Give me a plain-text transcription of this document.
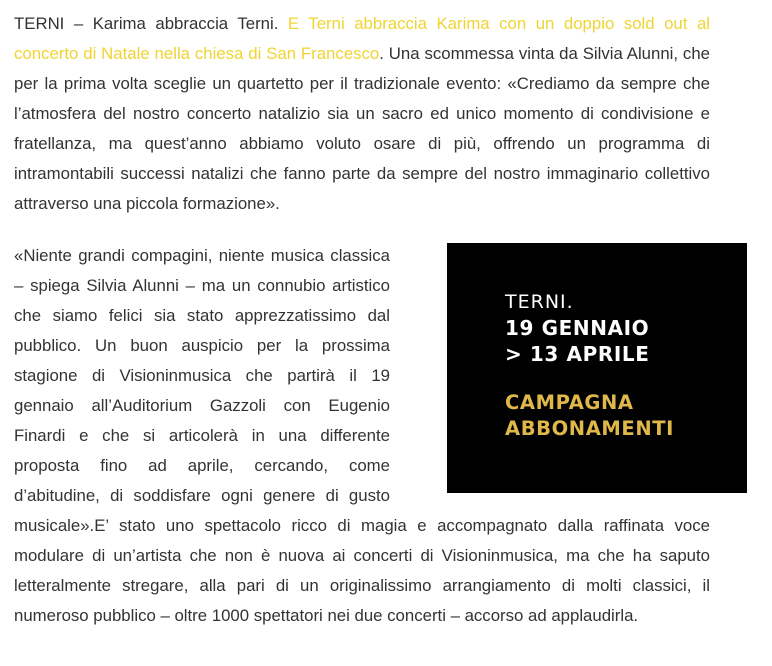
TERNI – Karima abbraccia Terni. E Terni abbraccia Karima con un doppio sold out al concerto di Natale nella chiesa di San Francesco. Una scommessa vinta da Silvia Alunni, che per la prima volta sceglie un quartetto per il tradizionale evento: «Crediamo da sempre che l’atmosfera del nostro concerto natalizio sia un sacro ed unico momento di condivisione e fratellanza, ma quest’anno abbiamo voluto osare di più, offrendo un programma di intramontabili successi natalizi che fanno parte da sempre del nostro immaginario collettivo attraverso una piccola formazione».

TERNI.
19 GENNAIO
> 13 APRILE
CAMPAGNA
ABBONAMENTI

«Niente grandi compagini, niente musica classica – spiega Silvia Alunni – ma un connubio artistico che siamo felici sia stato apprezzatissimo dal pubblico. Un buon auspicio per la prossima stagione di Visioninmusica che partirà il 19 gennaio all’Auditorium Gazzoli con Eugenio Finardi e che si articolerà in una differente proposta fino ad aprile, cercando, come d’abitudine, di soddisfare ogni genere di gusto musicale».E’ stato uno spettacolo ricco di magia e accompagnato dalla raffinata voce modulare di un’artista che non è nuova ai concerti di Visioninmusica, ma che ha saputo letteralmente stregare, alla pari di un originalissimo arrangiamento di molti classici, il numeroso pubblico – oltre 1000 spettatori nei due concerti – accorso ad applaudirla.
